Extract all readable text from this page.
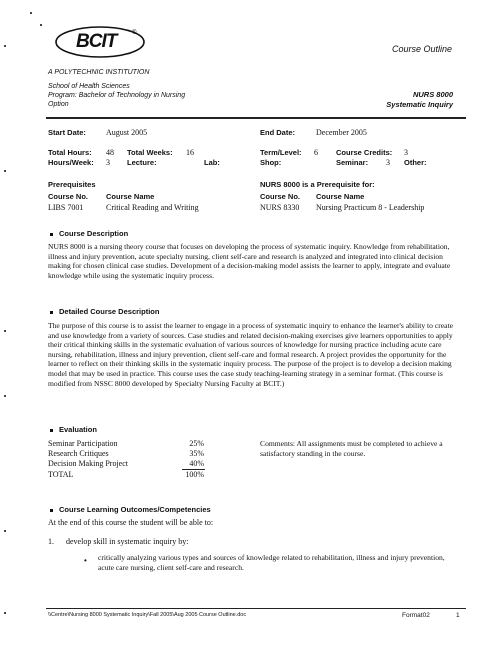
BCIT	®
Course Outline
A POLYTECHNIC INSTITUTION
School of Health Sciences
Program: Bachelor of Technology in Nursing
Option
NURS 8000
Systematic Inquiry
Start Date:	August 2005	End Date:	December 2005
Total Hours: 48 Total Weeks: 16	Term/Level: 6 Course Credits: 3
Hours/Week: 3 Lecture:	Lab:	Shop:	Seminar: 3 Other:
Prerequisites
Course No. Course Name
LIBS 7001	Critical Reading and Writing
NURS 8000 is a Prerequisite for:
Course No. Course Name
NURS 8330 Nursing Practicum 8 - Leadership
Course Description
NURS 8000 is a nursing theory course that focuses on developing the process of systematic inquiry. Knowledge from rehabilitation, illness and injury prevention, acute specialty nursing, client self-care and research is analyzed and integrated into clinical decision making for chosen clinical case studies. Development of a decision-making model assists the learner to apply, integrate and evaluate knowledge while using the systematic inquiry process.
Detailed Course Description
The purpose of this course is to assist the learner to engage in a process of systematic inquiry to enhance the learner's ability to create and use knowledge from a variety of sources. Case studies and related decision-making exercises give learners opportunities to apply their critical thinking skills in the systematic evaluation of various sources of knowledge for nursing practice including acute care nursing, rehabilitation, illness and injury prevention, client self-care and formal research. A project provides the opportunity for the learner to reflect on their thinking skills in the systematic inquiry process. The purpose of the project is to develop a decision making model that may be used in practice. This course uses the case study teaching-learning strategy in a seminar format. (This course is modified from NSSC 8000 developed by Specialty Nursing Faculty at BCIT.)
Evaluation
Seminar Participation	25%
Research Critiques	35%
Decision Making Project	40%
TOTAL	100%
Comments: All assignments must be completed to achieve a satisfactory standing in the course.
Course Learning Outcomes/Competencies
At the end of this course the student will be able to:
1. develop skill in systematic inquiry by:
• critically analyzing various types and sources of knowledge related to rehabilitation, illness and injury prevention, acute care nursing, client self-care and research.
\\Centre\Nursing 8000 Systematic Inquiry\Fall 2005\Aug 2005 Course Outline.doc	Format02	1
